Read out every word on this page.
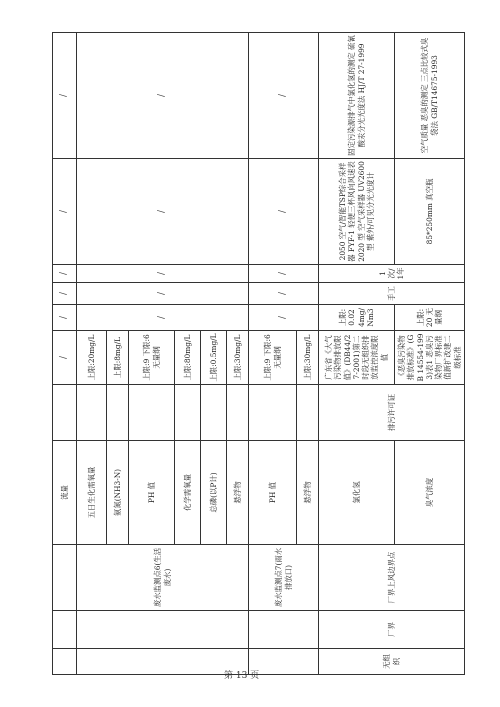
			流量		/	/	/	/	/	/
		废水监测点6(生活废水)	五日生化需氧量		上限:20mg/L	/	/	/	/	/
			氨氮(NH3-N)		上限:8mg/L					
			PH 值		上限:9 下限:6 无量纲					
			化学需氧量		上限:80mg/L					
			总磷(以P计)		上限:0.5mg/L					
			悬浮物		上限:30mg/L					
		废水监测点7(雨水排放口)	PH 值		上限:9 下限:6 无量纲	/	/	/	/	/
			悬浮物		上限:30mg/L					
无组织	厂界	厂界上风边界点	氯化氢	排污许可证	广东省《大气污染物排放限值》(DB44/27-2001)第二时段无组织排放监控浓度限值	上限:0.024mg/Nm3	手工	1次/1年	2050 空气/智能TSP综合采样器 FYF-1 轻便三杯风向风速表 2020 型 空气采样器 UV2600 型 紫外/可见分光光度计	固定污染源排气中氯化氢的测定 硫氰酸汞分光光度法 HJ/T 27-1999
			臭气浓度		《恶臭污染物排放标准》(GB 14554-1993)表1 恶臭污染物厂界标准值新扩改建二级标准	上限:20 无量纲			85*250mm 真空瓶	空气质量 恶臭的测定 三点比较式臭袋法 GB/T14675-1993
第 13 页
